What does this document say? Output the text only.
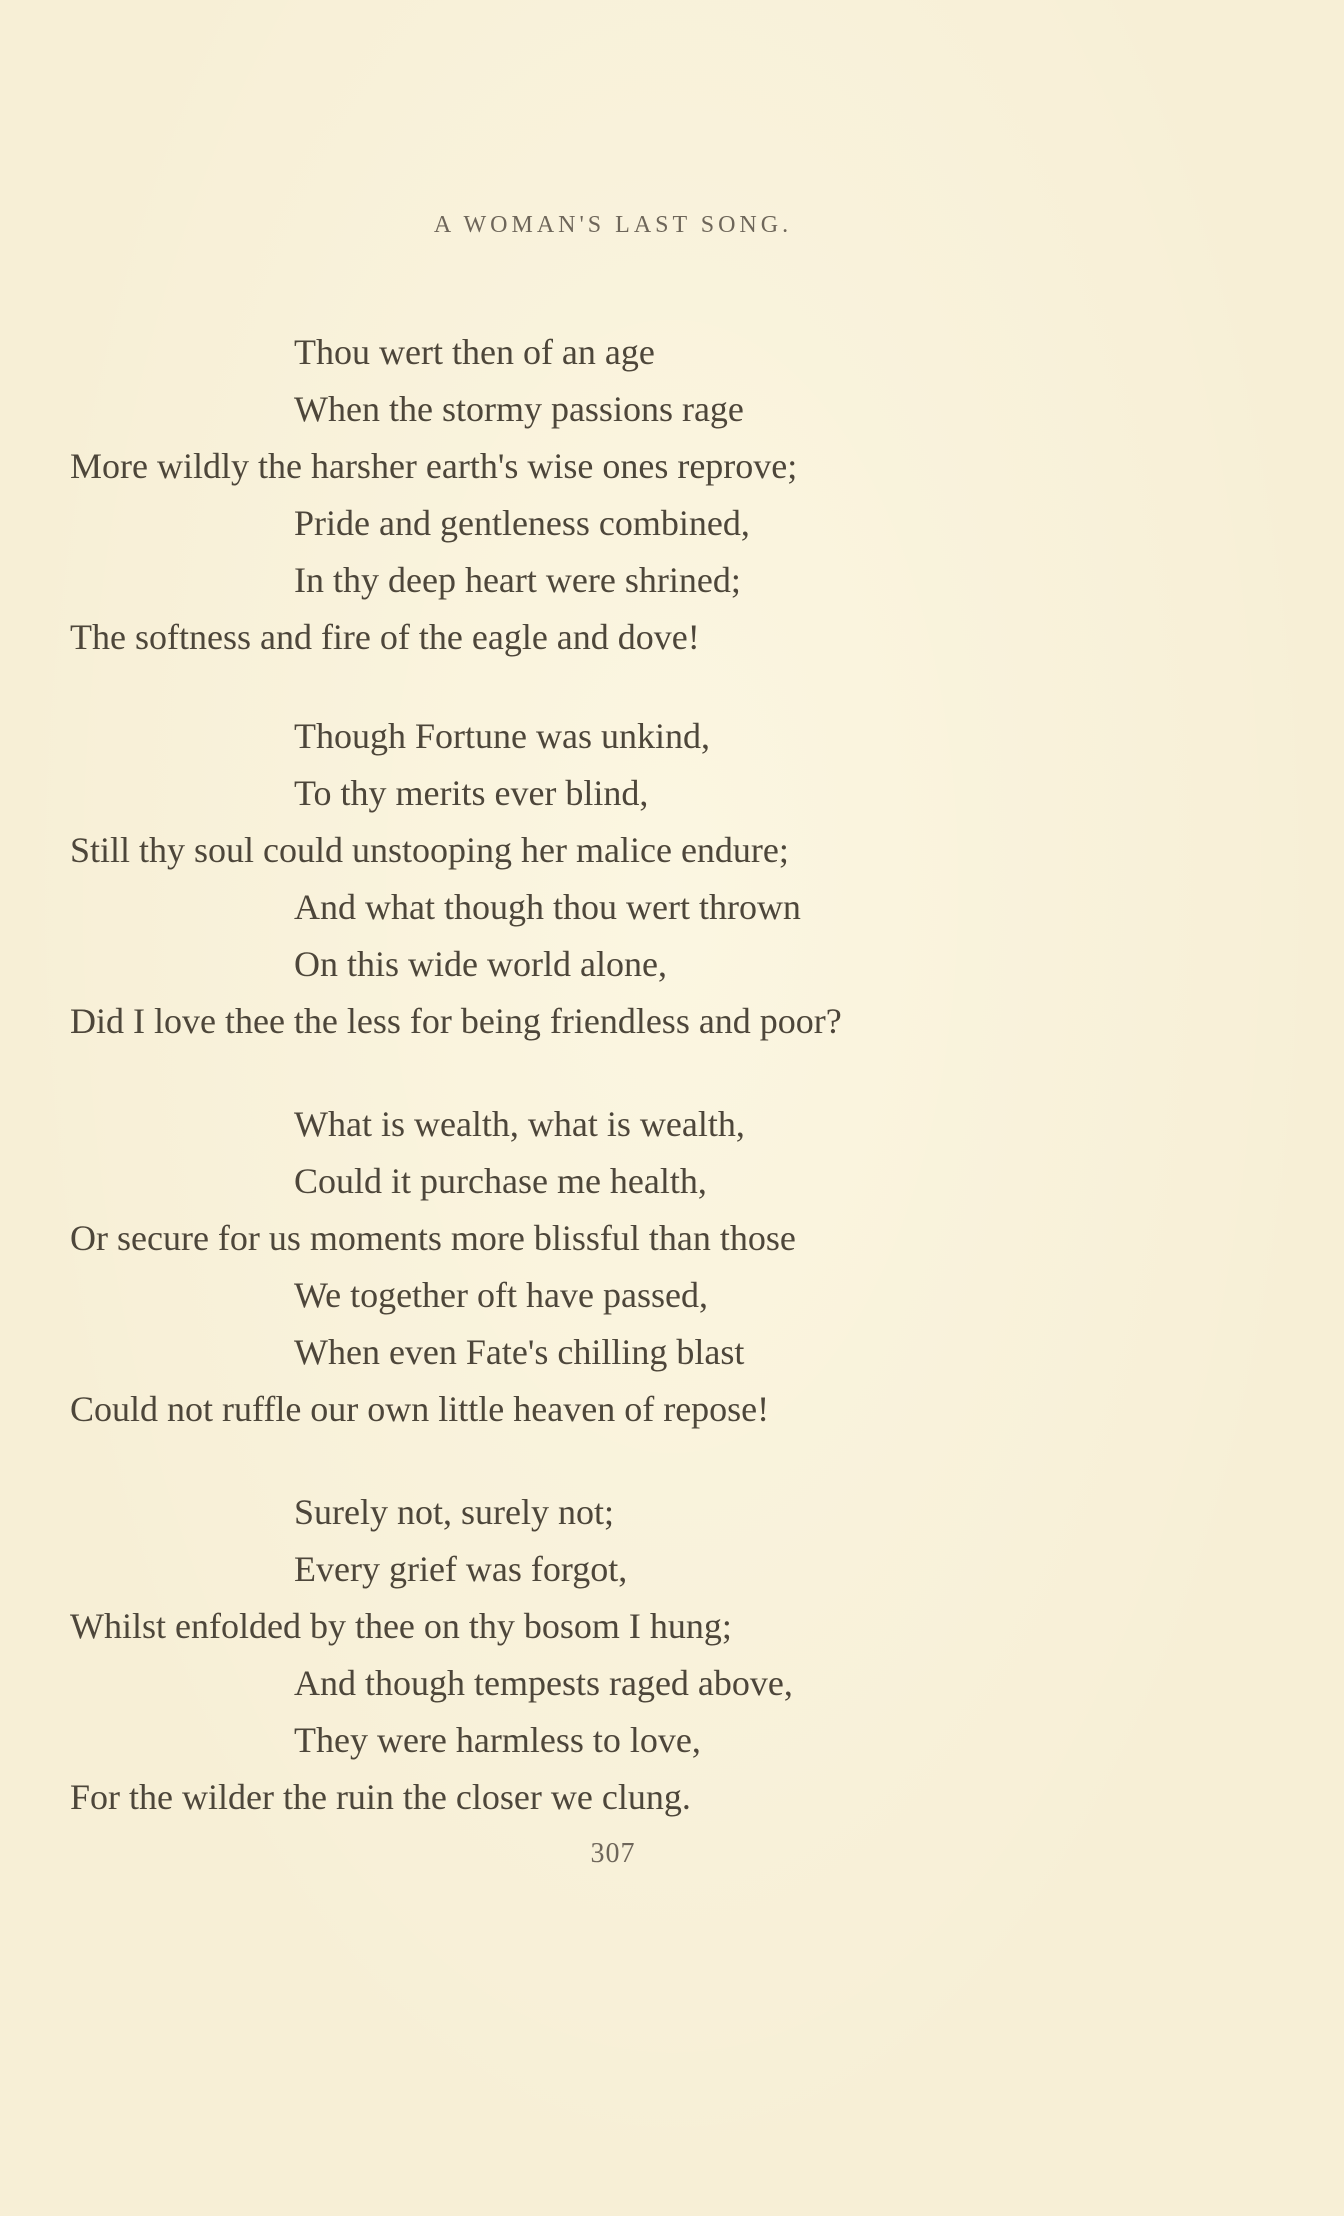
A WOMAN'S LAST SONG.
Thou wert then of an age
When the stormy passions rage
More wildly the harsher earth's wise ones reprove;
Pride and gentleness combined,
In thy deep heart were shrined;
The softness and fire of the eagle and dove!
Though Fortune was unkind,
To thy merits ever blind,
Still thy soul could unstooping her malice endure;
And what though thou wert thrown
On this wide world alone,
Did I love thee the less for being friendless and poor?
What is wealth, what is wealth,
Could it purchase me health,
Or secure for us moments more blissful than those
We together oft have passed,
When even Fate's chilling blast
Could not ruffle our own little heaven of repose!
Surely not, surely not;
Every grief was forgot,
Whilst enfolded by thee on thy bosom I hung;
And though tempests raged above,
They were harmless to love,
For the wilder the ruin the closer we clung.
307
